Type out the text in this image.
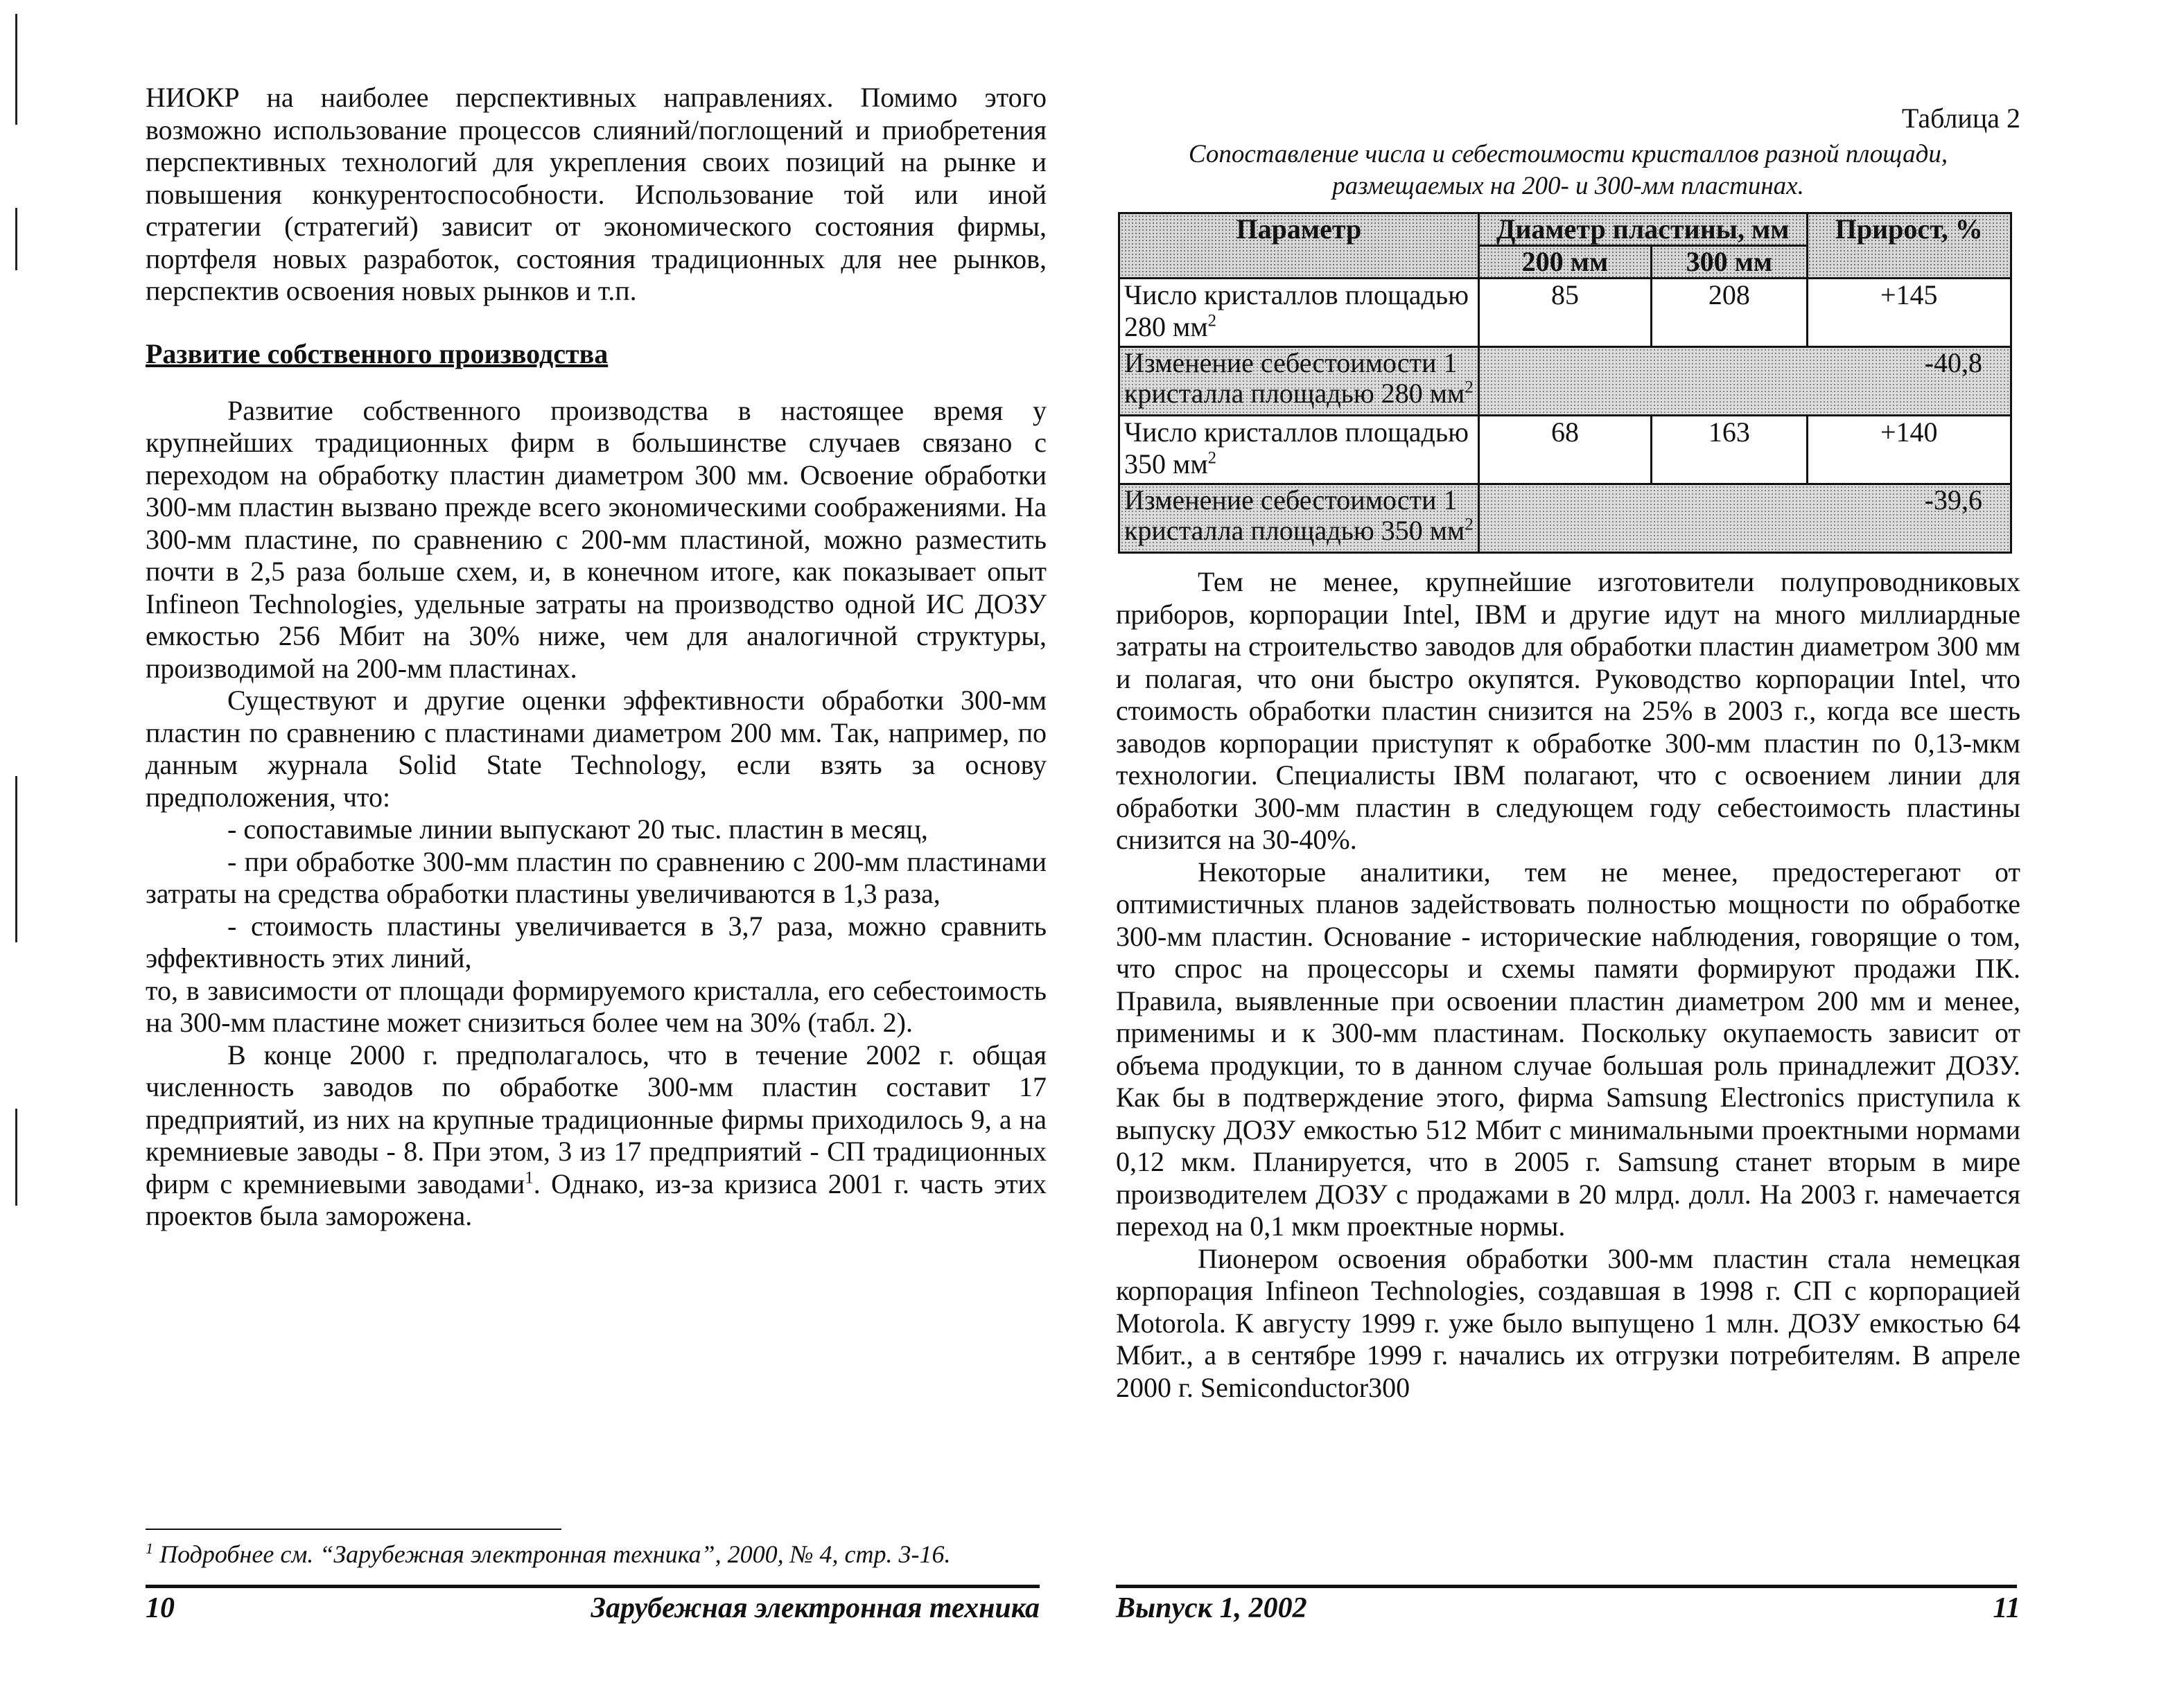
НИОКР на наиболее перспективных направлениях. Помимо этого возможно использование процессов слияний/поглощений и приобретения перспективных технологий для укрепления своих позиций на рынке и повышения конкурентоспособности. Использование той или иной стратегии (стратегий) зависит от экономического состояния фирмы, портфеля новых разработок, состояния традиционных для нее рынков, перспектив освоения новых рынков и т.п.

Развитие собственного производства

Развитие собственного производства в настоящее время у крупнейших традиционных фирм в большинстве случаев связано с переходом на обработку пластин диаметром 300 мм. Освоение обработки 300-мм пластин вызвано прежде всего экономическими соображениями. На 300-мм пластине, по сравнению с 200-мм пластиной, можно разместить почти в 2,5 раза больше схем, и, в конечном итоге, как показывает опыт Infineon Technologies, удельные затраты на производство одной ИС ДОЗУ емкостью 256 Мбит на 30% ниже, чем для аналогичной структуры, производимой на 200-мм пластинах.

Существуют и другие оценки эффективности обработки 300-мм пластин по сравнению с пластинами диаметром 200 мм. Так, например, по данным журнала Solid State Technology, если взять за основу предположения, что:

- сопоставимые линии выпускают 20 тыс. пластин в месяц,

- при обработке 300-мм пластин по сравнению с 200-мм пластинами затраты на средства обработки пластины увеличиваются в 1,3 раза,

- стоимость пластины увеличивается в 3,7 раза, можно сравнить эффективность этих линий,

то, в зависимости от площади формируемого кристалла, его себестоимость на 300-мм пластине может снизиться более чем на 30% (табл. 2).

В конце 2000 г. предполагалось, что в течение 2002 г. общая численность заводов по обработке 300-мм пластин составит 17 предприятий, из них на крупные традиционные фирмы приходилось 9, а на кремниевые заводы - 8. При этом, 3 из 17 предприятий - СП традиционных фирм с кремниевыми заводами$^1$. Однако, из-за кризиса 2001 г. часть этих проектов была заморожена.

$^1$ Подробнее см. “Зарубежная электронная техника”, 2000, № 4, стр. 3-16.
10	Зарубежная электронная техника
Таблица 2
Сопоставление числа и себестоимости кристаллов разной площади, размещаемых на 200- и 300-мм пластинах.
Параметр	Диаметр пластины, мм		Прирост, %
	200 мм	300 мм	
Число кристаллов площадью 280 $мм^2$	85	208	+145
Изменение себестоимости 1 кристалла площадью 280 $мм^2$	-40,8		
Число кристаллов площадью 350 $мм^2$	68	163	+140
Изменение себестоимости 1 кристалла площадью 350 $мм^2$	-39,6		

Тем не менее, крупнейшие изготовители полупроводниковых приборов, корпорации Intel, IBM и другие идут на много миллиардные затраты на строительство заводов для обработки пластин диаметром 300 мм и полагая, что они быстро окупятся. Руководство корпорации Intel, что стоимость обработки пластин снизится на 25% в 2003 г., когда все шесть заводов корпорации приступят к обработке 300-мм пластин по 0,13-мкм технологии. Специалисты IBM полагают, что с освоением линии для обработки 300-мм пластин в следующем году себестоимость пластины снизится на 30-40%.

Некоторые аналитики, тем не менее, предостерегают от оптимистичных планов задействовать полностью мощности по обработке 300-мм пластин. Основание - исторические наблюдения, говорящие о том, что спрос на процессоры и схемы памяти формируют продажи ПК. Правила, выявленные при освоении пластин диаметром 200 мм и менее, применимы и к 300-мм пластинам. Поскольку окупаемость зависит от объема продукции, то в данном случае большая роль принадлежит ДОЗУ. Как бы в подтверждение этого, фирма Samsung Electronics приступила к выпуску ДОЗУ емкостью 512 Мбит с минимальными проектными нормами 0,12 мкм. Планируется, что в 2005 г. Samsung станет вторым в мире производителем ДОЗУ с продажами в 20 млрд. долл. На 2003 г. намечается переход на 0,1 мкм проектные нормы.

Пионером освоения обработки 300-мм пластин стала немецкая корпорация Infineon Technologies, создавшая в 1998 г. СП с корпорацией Motorola. К августу 1999 г. уже было выпущено 1 млн. ДОЗУ емкостью 64 Мбит., а в сентябре 1999 г. начались их отгрузки потребителям. В апреле 2000 г. Semiconductor300

Выпуск 1, 2002	11
